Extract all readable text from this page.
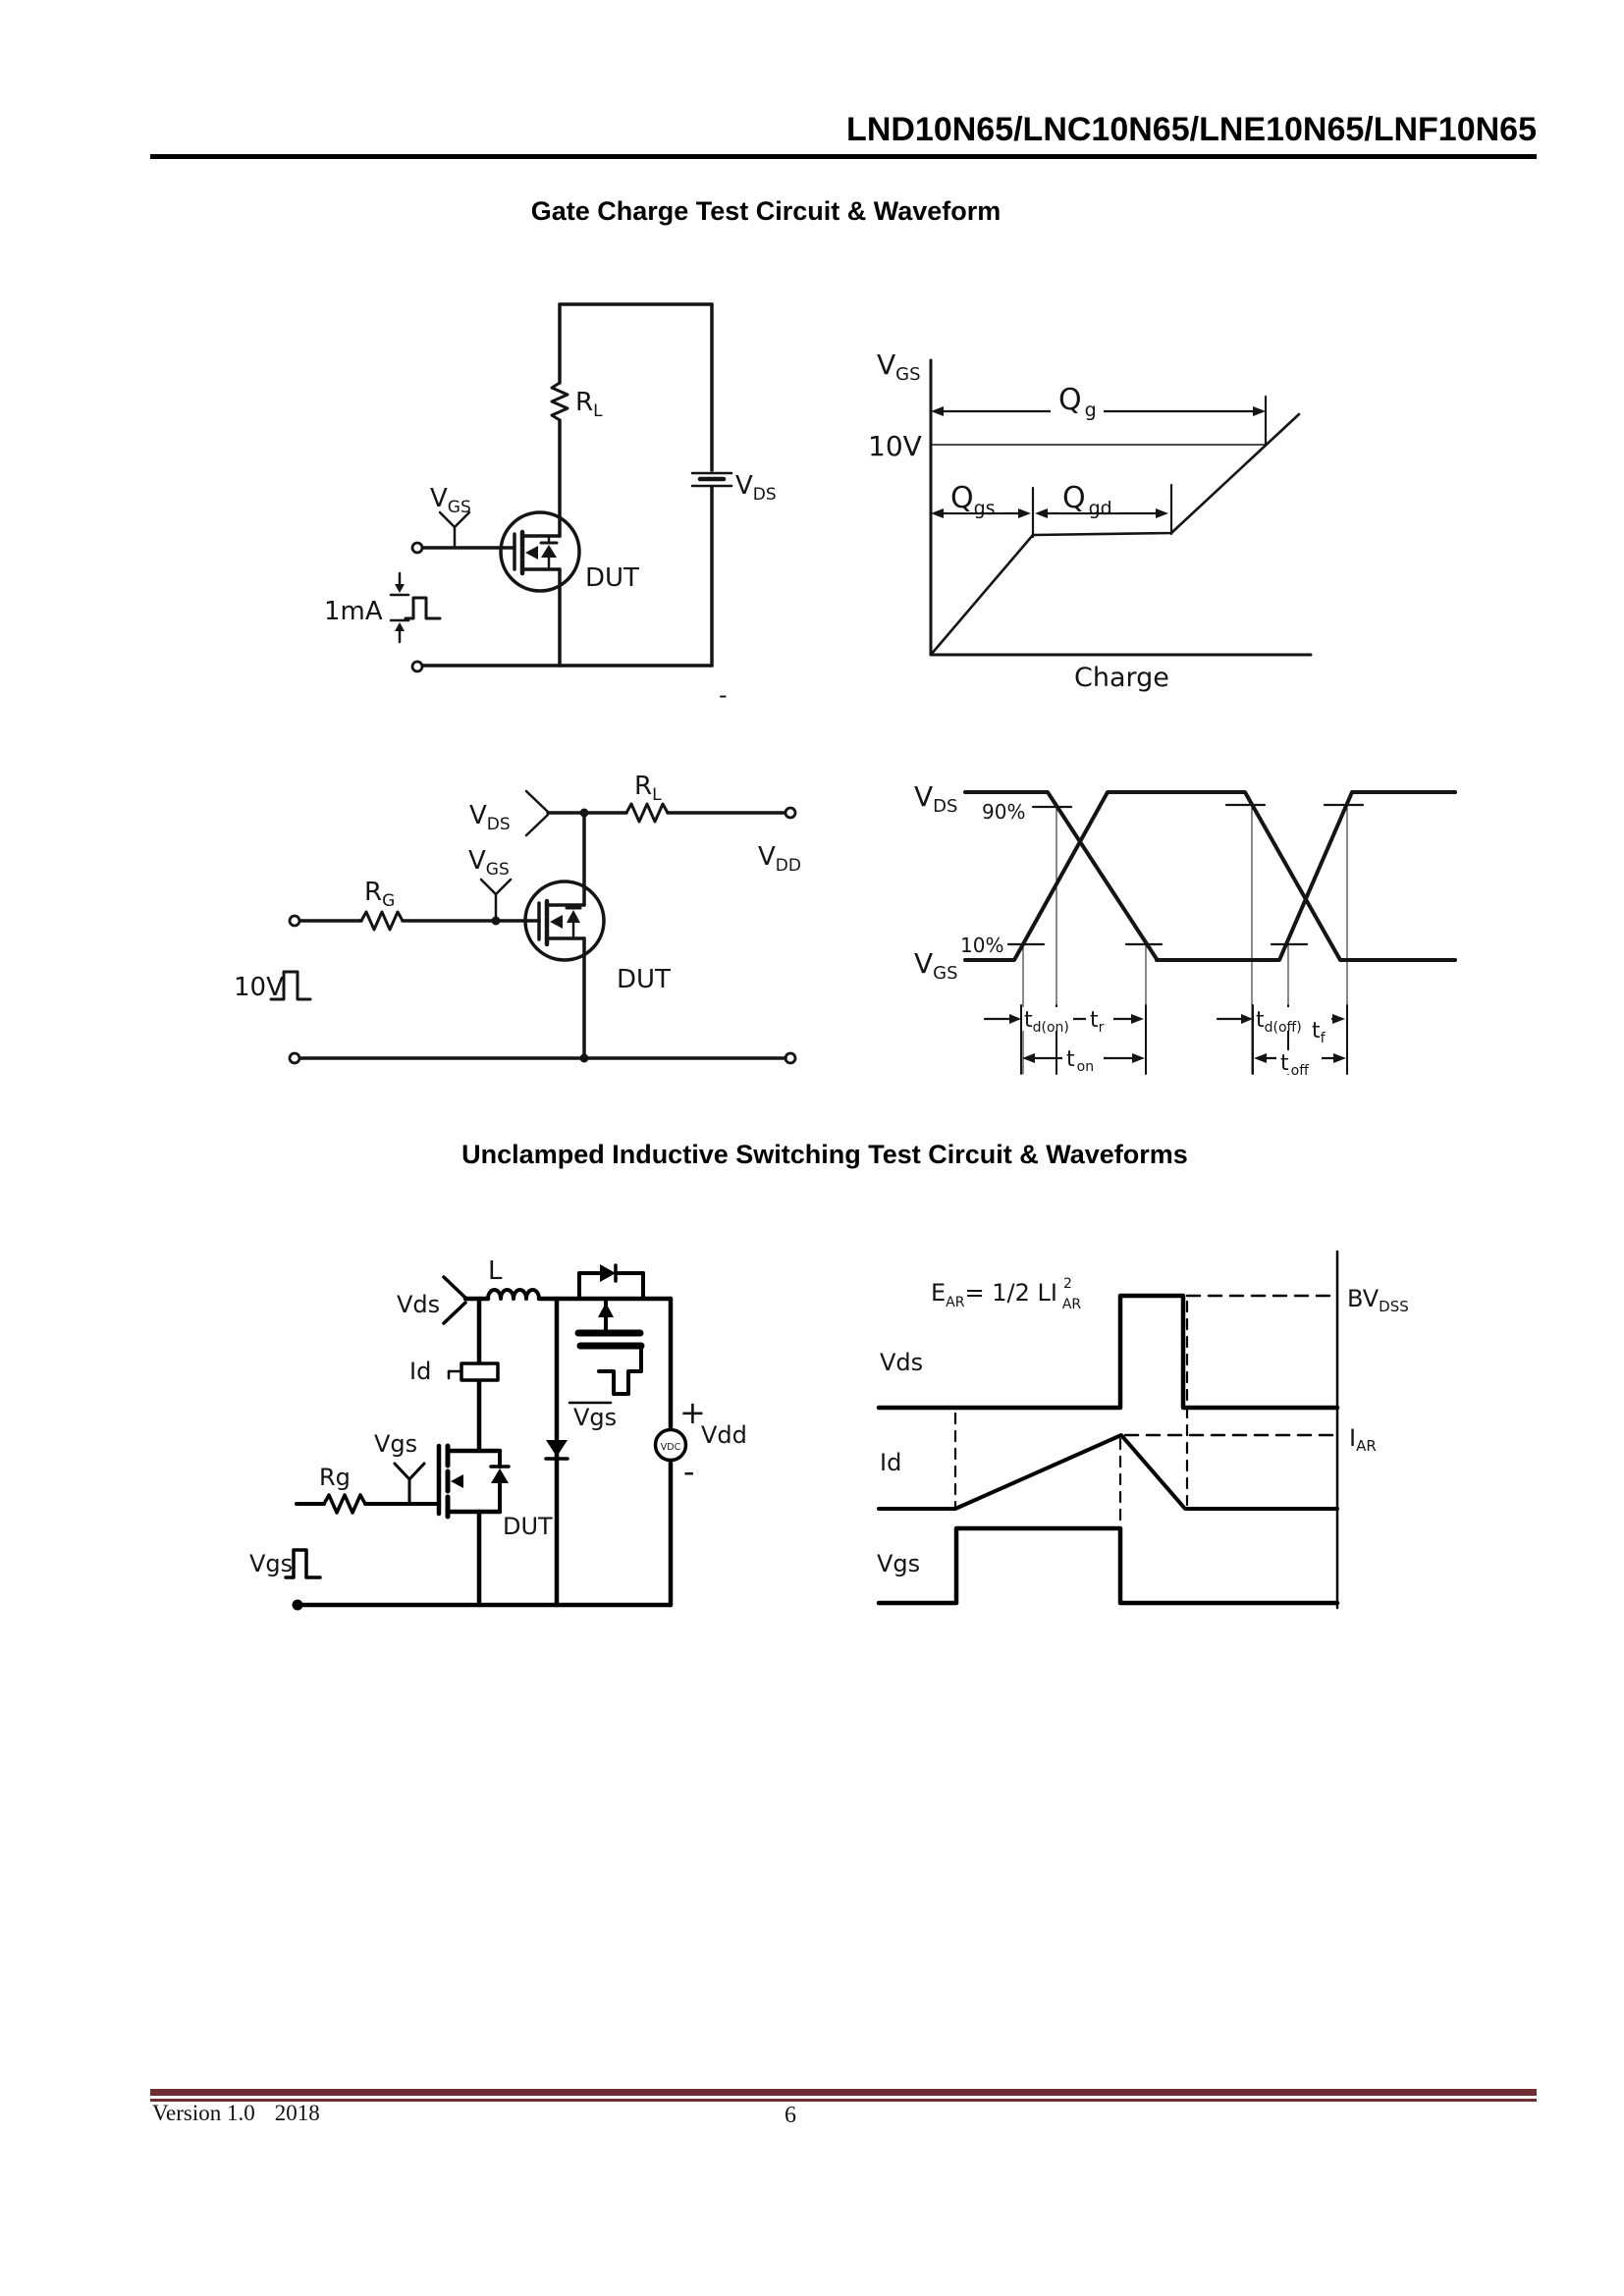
LND10N65/LNC10N65/LNE10N65/LNF10N65
Gate Charge Test Circuit & Waveform
Unclamped Inductive Switching Test Circuit & Waveforms
$R_L$
$V_{DS}$
$V_{GS}$
DUT
1mA
-
$V_{GS}$
10V
Q $_g$
$Q_{gs}$ Q $_{gd}$
Charge
$R_G$
$V_{GS}$
$V_{DS}$
$R_L$
$V_{DD}$
10V	DUT
$V_{DS}$
$V_{GS}$
90%
10%
$t_{d(on)}$ $t_r$
t $_{on}$
$t_{d(off)}$ $t_f$
t $_{off}$
L
Vds
Id
Vgs
Rg
DUT
Vgs
VDC
+
Vdd
-
Vgs
$E_{AR}= 1/2$ LI $^2$ AR
Vds
Id
Vgs
$BV_{DSS}$
$I_{AR}$
Version 1.0 2018	6
